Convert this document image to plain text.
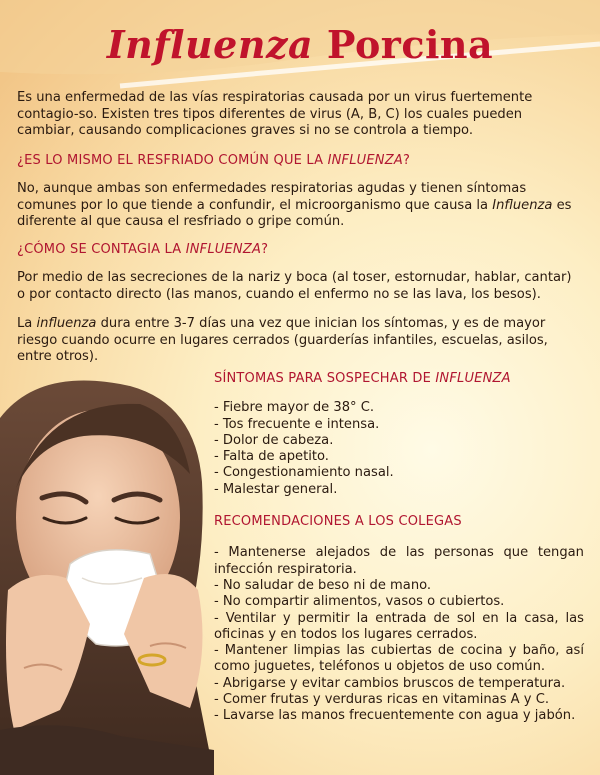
Influenza Porcina

Es una enfermedad de las vías respiratorias causada por un virus fuertemente contagio-so. Existen tres tipos diferentes de virus (A, B, C) los cuales pueden cambiar, causando complicaciones graves si no se controla a tiempo.

¿ES LO MISMO EL RESFRIADO COMÚN QUE LA INFLUENZA?

No, aunque ambas son enfermedades respiratorias agudas y tienen síntomas comunes por lo que tiende a confundir, el microorganismo que causa la Influenza es diferente al que causa el resfriado o gripe común.

¿CÓMO SE CONTAGIA LA INFLUENZA?

Por medio de las secreciones de la nariz y boca (al toser, estornudar, hablar, cantar) o por contacto directo (las manos, cuando el enfermo no se las lava, los besos).

La influenza dura entre 3-7 días una vez que inician los síntomas, y es de mayor riesgo cuando ocurre en lugares cerrados (guarderías infantiles, escuelas, asilos, entre otros).

SÍNTOMAS PARA SOSPECHAR DE INFLUENZA
- Fiebre mayor de 38° C.
- Tos frecuente e intensa.
- Dolor de cabeza.
- Falta de apetito.
- Congestionamiento nasal.
- Malestar general.
RECOMENDACIONES A LOS COLEGAS
- Mantenerse alejados de las personas que tengan infección respiratoria.
- No saludar de beso ni de mano.
- No compartir alimentos, vasos o cubiertos.
- Ventilar y permitir la entrada de sol en la casa, las oficinas y en todos los lugares cerrados.
- Mantener limpias las cubiertas de cocina y baño, así como juguetes, teléfonos u objetos de uso común.
- Abrigarse y evitar cambios bruscos de temperatura.
- Comer frutas y verduras ricas en vitaminas A y C.
- Lavarse las manos frecuentemente con agua y jabón.
